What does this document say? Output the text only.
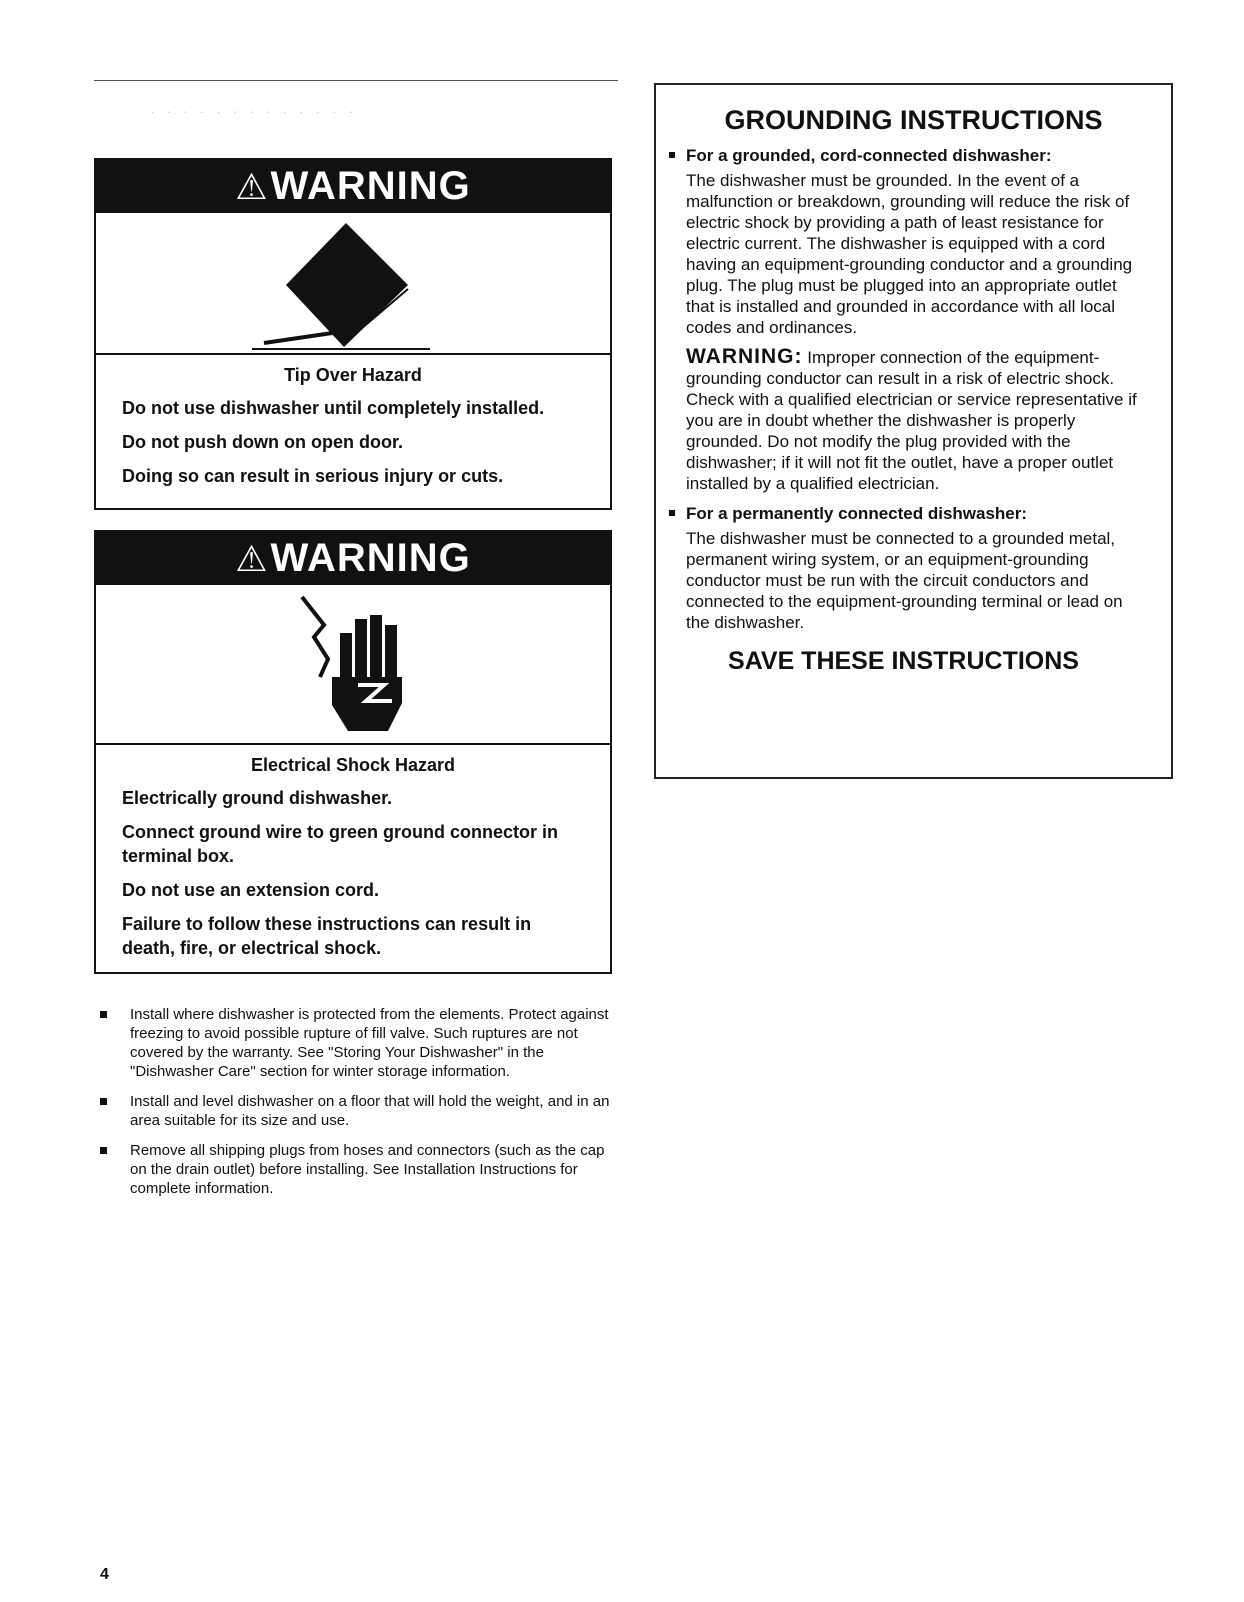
· · · · · · · · · · · · ·
⚠WARNING
Tip Over Hazard
Do not use dishwasher until completely installed.
Do not push down on open door.
Doing so can result in serious injury or cuts.
⚠WARNING
Electrical Shock Hazard
Electrically ground dishwasher.
Connect ground wire to green ground connector in terminal box.
Do not use an extension cord.
Failure to follow these instructions can result in death, fire, or electrical shock.
Install where dishwasher is protected from the elements. Protect against freezing to avoid possible rupture of fill valve. Such ruptures are not covered by the warranty. See "Storing Your Dishwasher" in the "Dishwasher Care" section for winter storage information.
Install and level dishwasher on a floor that will hold the weight, and in an area suitable for its size and use.
Remove all shipping plugs from hoses and connectors (such as the cap on the drain outlet) before installing. See Installation Instructions for complete information.
4
GROUNDING INSTRUCTIONS
For a grounded, cord-connected dishwasher:
The dishwasher must be grounded. In the event of a malfunction or breakdown, grounding will reduce the risk of electric shock by providing a path of least resistance for electric current. The dishwasher is equipped with a cord having an equipment-grounding conductor and a grounding plug. The plug must be plugged into an appropriate outlet that is installed and grounded in accordance with all local codes and ordinances.
WARNING: Improper connection of the equipment-grounding conductor can result in a risk of electric shock. Check with a qualified electrician or service representative if you are in doubt whether the dishwasher is properly grounded. Do not modify the plug provided with the dishwasher; if it will not fit the outlet, have a proper outlet installed by a qualified electrician.
For a permanently connected dishwasher:
The dishwasher must be connected to a grounded metal, permanent wiring system, or an equipment-grounding conductor must be run with the circuit conductors and connected to the equipment-grounding terminal or lead on the dishwasher.
SAVE THESE INSTRUCTIONS
